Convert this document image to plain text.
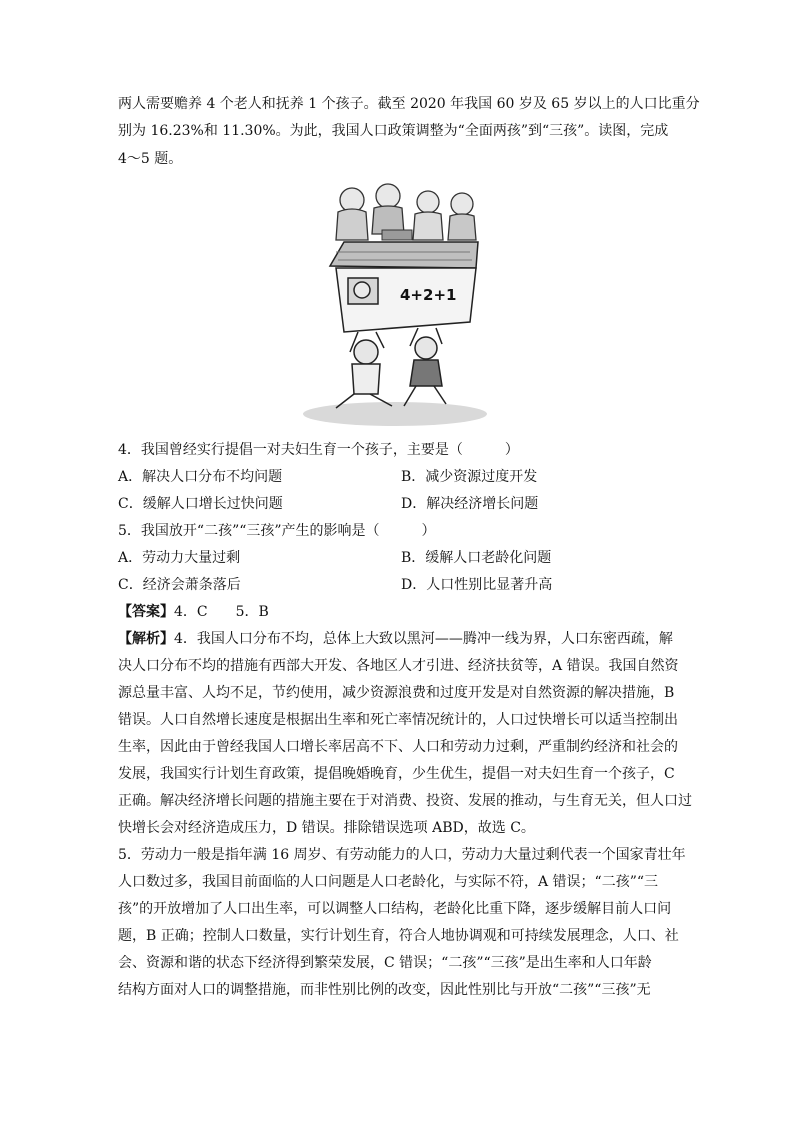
两人需要赡养 4 个老人和抚养 1 个孩子。截至 2020 年我国 60 岁及 65 岁以上的人口比重分
别为 16.23%和 11.30%。为此，我国人口政策调整为“全面两孩”到“三孩”。读图，完成
4～5 题。
4+2+1
4．我国曾经实行提倡一对夫妇生育一个孩子，主要是（　　　）
A．解决人口分布不均问题	B．减少资源过度开发
C．缓解人口增长过快问题	D．解决经济增长问题
5．我国放开“二孩”“三孩”产生的影响是（　　　）
A．劳动力大量过剩	B．缓解人口老龄化问题
C．经济会萧条落后	D．人口性别比显著升高
【答案】4．C　　5．B
【解析】4．我国人口分布不均，总体上大致以黑河——腾冲一线为界，人口东密西疏，解
决人口分布不均的措施有西部大开发、各地区人才引进、经济扶贫等，A 错误。我国自然资
源总量丰富、人均不足，节约使用，减少资源浪费和过度开发是对自然资源的解决措施，B
错误。人口自然增长速度是根据出生率和死亡率情况统计的，人口过快增长可以适当控制出
生率，因此由于曾经我国人口增长率居高不下、人口和劳动力过剩，严重制约经济和社会的
发展，我国实行计划生育政策，提倡晚婚晚育，少生优生，提倡一对夫妇生育一个孩子，C
正确。解决经济增长问题的措施主要在于对消费、投资、发展的推动，与生育无关，但人口过
快增长会对经济造成压力，D 错误。排除错误选项 ABD，故选 C。
5．劳动力一般是指年满 16 周岁、有劳动能力的人口，劳动力大量过剩代表一个国家青壮年
人口数过多，我国目前面临的人口问题是人口老龄化，与实际不符，A 错误；“二孩”“三
孩”的开放增加了人口出生率，可以调整人口结构，老龄化比重下降，逐步缓解目前人口问
题，B 正确；控制人口数量，实行计划生育，符合人地协调观和可持续发展理念，人口、社
会、资源和谐的状态下经济得到繁荣发展，C 错误；“二孩”“三孩”是出生率和人口年龄
结构方面对人口的调整措施，而非性别比例的改变，因此性别比与开放“二孩”“三孩”无
